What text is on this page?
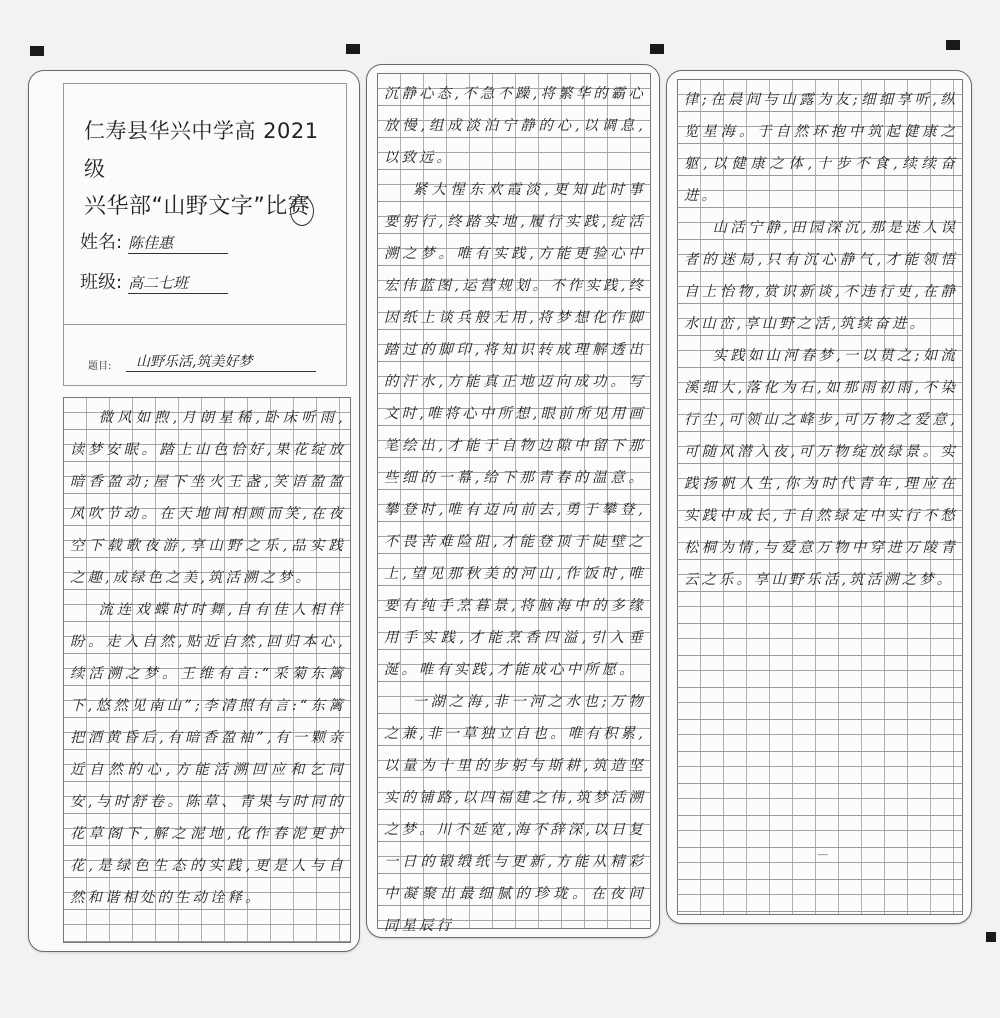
仁寿县华兴中学高 2021 级
兴华部“山野文字”比赛
姓名: 陈佳惠
班级: 高二七班
题目:	山野乐活,筑美好梦

微风如煦,月朗星稀,卧床听雨,读梦安眠。踏上山色恰好,果花绽放暗香盈动;屋下坐火王盏,笑语盈盈风吹节动。在天地间相顾而笑,在夜空下载歌夜游,享山野之乐,品实践之趣,成绿色之美,筑活溯之梦。

流连戏蝶时时舞,自有佳人相伴盼。走入自然,贴近自然,回归本心,续活溯之梦。王维有言:“采菊东篱下,悠然见南山”;李清照有言:“东篱把酒黄昏后,有暗香盈袖”,有一颗亲近自然的心,方能活溯回应和乞同安,与时舒卷。陈草、青果与时同的花草阁下,解之泥地,化作春泥更护花,是绿色生态的实践,更是人与自然和谐相处的生动诠释。

沉静心态,不急不躁,将繁华的霸心放慢,组成淡泊宁静的心,以调息,以致远。

紧大惺东欢霞淡,更知此时事要躬行,终踏实地,履行实践,绽活溯之梦。唯有实践,方能更验心中宏伟蓝图,运营规划。不作实践,终因纸上谈兵般无用,将梦想化作脚踏过的脚印,将知识转成理解透出的汗水,方能真正地迈向成功。写文时,唯将心中所想,眼前所见用画笔绘出,才能于自物边隙中留下那些细的一幕,给下那青春的温意。攀登时,唯有迈向前去,勇于攀登,不畏苦难险阻,才能登顶于陡壁之上,望见那秋美的河山,作饭时,唯要有纯手烹暮景,将脑海中的多缘用手实践,才能烹香四溢,引入垂涎。唯有实践,才能成心中所愿。

一湖之海,非一河之水也;万物之兼,非一草独立自也。唯有积累,以量为十里的步躬与斯耕,筑造坚实的铺路,以四福建之伟,筑梦活溯之梦。川不延宽,海不辞深,以日复一日的锻缎纸与更新,方能从精彩中凝聚出最细腻的珍珑。在夜间同星辰行

律;在晨间与山露为友;细细享听,纵览星海。于自然环抱中筑起健康之躯,以健康之体,十步不食,续续奋进。

山活宁静,田园深沉,那是迷人误者的迷局,只有沉心静气,才能领悟自上怡物,赏识新谈,不违行吏,在静水山峦,享山野之活,筑续奋进。

实践如山河春梦,一以贯之;如流溪细大,落化为石,如那雨初雨,不染行尘,可领山之峰步,可万物之爱意,可随风潜入夜,可万物绽放绿景。实践扬帆人生,你为时代青年,理应在实践中成长,于自然绿定中实行不愁松桐为情,与爱意万物中穿进万陵青云之乐。享山野乐活,筑活溯之梦。

——
